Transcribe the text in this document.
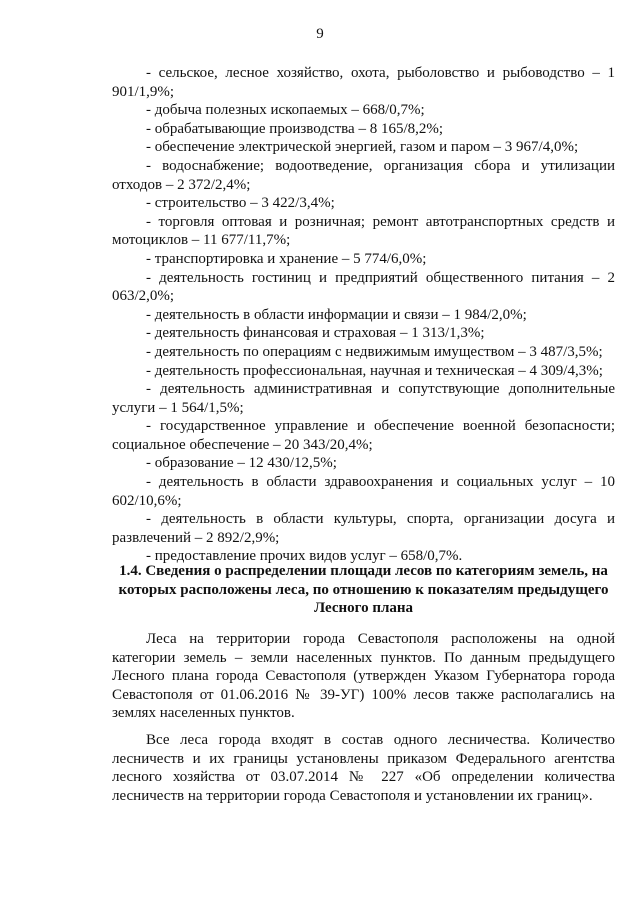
9

- сельское, лесное хозяйство, охота, рыболовство и рыбоводство – 1 901/1,9%;

- добыча полезных ископаемых – 668/0,7%;

- обрабатывающие производства – 8 165/8,2%;

- обеспечение электрической энергией, газом и паром – 3 967/4,0%;

- водоснабжение; водоотведение, организация сбора и утилизации отходов – 2 372/2,4%;

- строительство – 3 422/3,4%;

- торговля оптовая и розничная; ремонт автотранспортных средств и мотоциклов – 11 677/11,7%;

- транспортировка и хранение – 5 774/6,0%;

- деятельность гостиниц и предприятий общественного питания – 2 063/2,0%;

- деятельность в области информации и связи – 1 984/2,0%;

- деятельность финансовая и страховая – 1 313/1,3%;

- деятельность по операциям с недвижимым имуществом – 3 487/3,5%;

- деятельность профессиональная, научная и техническая – 4 309/4,3%;

- деятельность административная и сопутствующие дополнительные услуги – 1 564/1,5%;

- государственное управление и обеспечение военной безопасности; социальное обеспечение – 20 343/20,4%;

- образование – 12 430/12,5%;

- деятельность в области здравоохранения и социальных услуг – 10 602/10,6%;

- деятельность в области культуры, спорта, организации досуга и развлечений – 2 892/2,9%;

- предоставление прочих видов услуг – 658/0,7%.

1.4. Сведения о распределении площади лесов по категориям земель, на которых расположены леса, по отношению к показателям предыдущего Лесного плана

Леса на территории города Севастополя расположены на одной категории земель – земли населенных пунктов. По данным предыдущего Лесного плана города Севастополя (утвержден Указом Губернатора города Севастополя от 01.06.2016 № 39-УГ) 100% лесов также располагались на землях населенных пунктов.

Все леса города входят в состав одного лесничества. Количество лесничеств и их границы установлены приказом Федерального агентства лесного хозяйства от 03.07.2014 № 227 «Об определении количества лесничеств на территории города Севастополя и установлении их границ».
